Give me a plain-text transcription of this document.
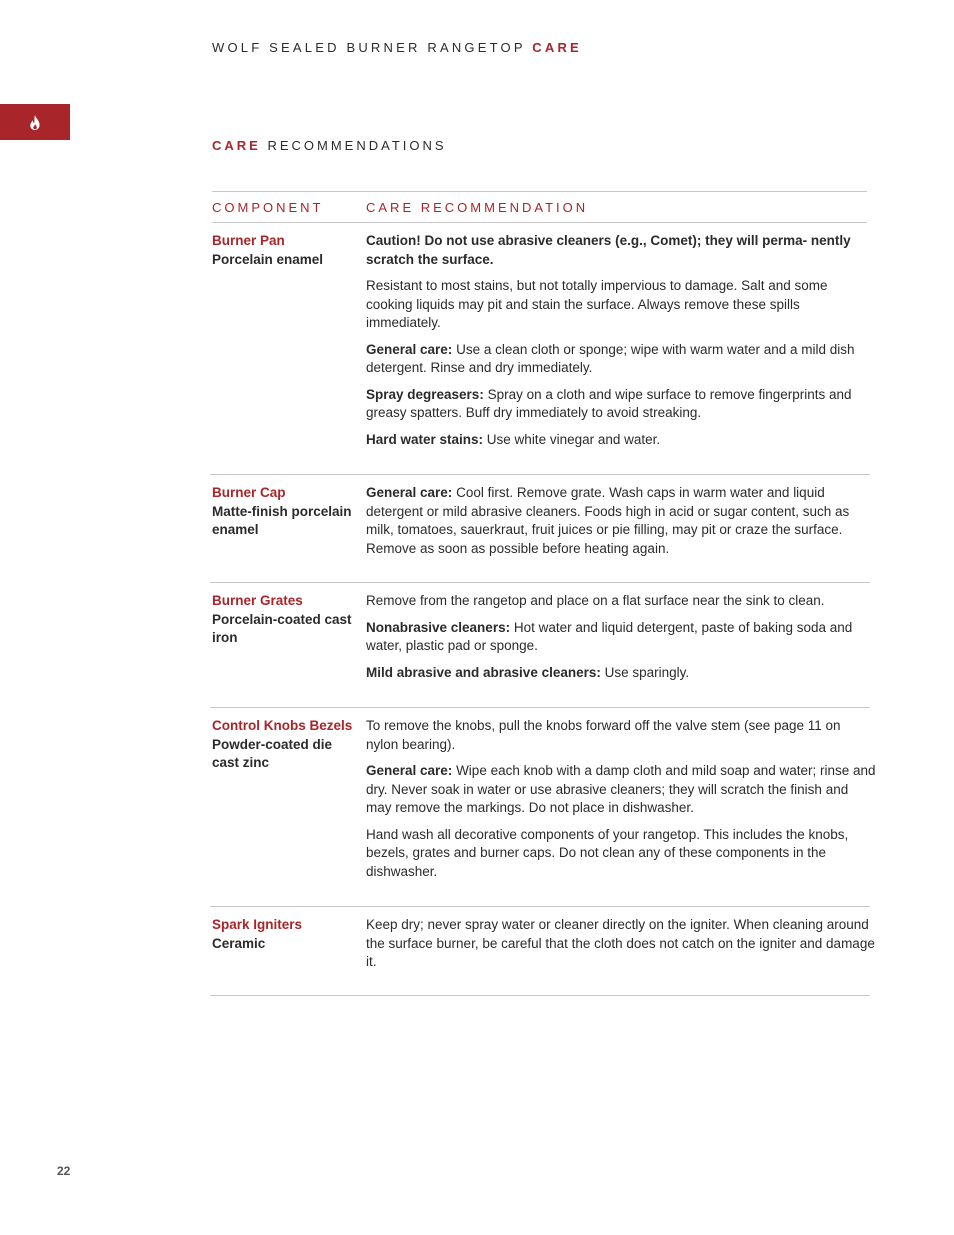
WOLF SEALED BURNER RANGETOP CARE
CARE RECOMMENDATIONS
COMPONENT	CARE RECOMMENDATION
Burner Pan
Porcelain enamel

Caution! Do not use abrasive cleaners (e.g., Comet); they will perma- nently scratch the surface.

Resistant to most stains, but not totally impervious to damage. Salt and some cooking liquids may pit and stain the surface. Always remove these spills immediately.

General care: Use a clean cloth or sponge; wipe with warm water and a mild dish detergent. Rinse and dry immediately.

Spray degreasers: Spray on a cloth and wipe surface to remove fingerprints and greasy spatters. Buff dry immediately to avoid streaking.

Hard water stains: Use white vinegar and water.

Burner Cap
Matte-finish porcelain enamel

General care: Cool first. Remove grate. Wash caps in warm water and liquid detergent or mild abrasive cleaners. Foods high in acid or sugar content, such as milk, tomatoes, sauerkraut, fruit juices or pie filling, may pit or craze the surface. Remove as soon as possible before heating again.

Burner Grates
Porcelain-coated cast iron

Remove from the rangetop and place on a flat surface near the sink to clean.

Nonabrasive cleaners: Hot water and liquid detergent, paste of baking soda and water, plastic pad or sponge.

Mild abrasive and abrasive cleaners: Use sparingly.

Control Knobs Bezels
Powder-coated die cast zinc

To remove the knobs, pull the knobs forward off the valve stem (see page 11 on nylon bearing).

General care: Wipe each knob with a damp cloth and mild soap and water; rinse and dry. Never soak in water or use abrasive cleaners; they will scratch the finish and may remove the markings. Do not place in dishwasher.

Hand wash all decorative components of your rangetop. This includes the knobs, bezels, grates and burner caps. Do not clean any of these components in the dishwasher.

Spark Igniters
Ceramic

Keep dry; never spray water or cleaner directly on the igniter. When cleaning around the surface burner, be careful that the cloth does not catch on the igniter and damage it.

22
